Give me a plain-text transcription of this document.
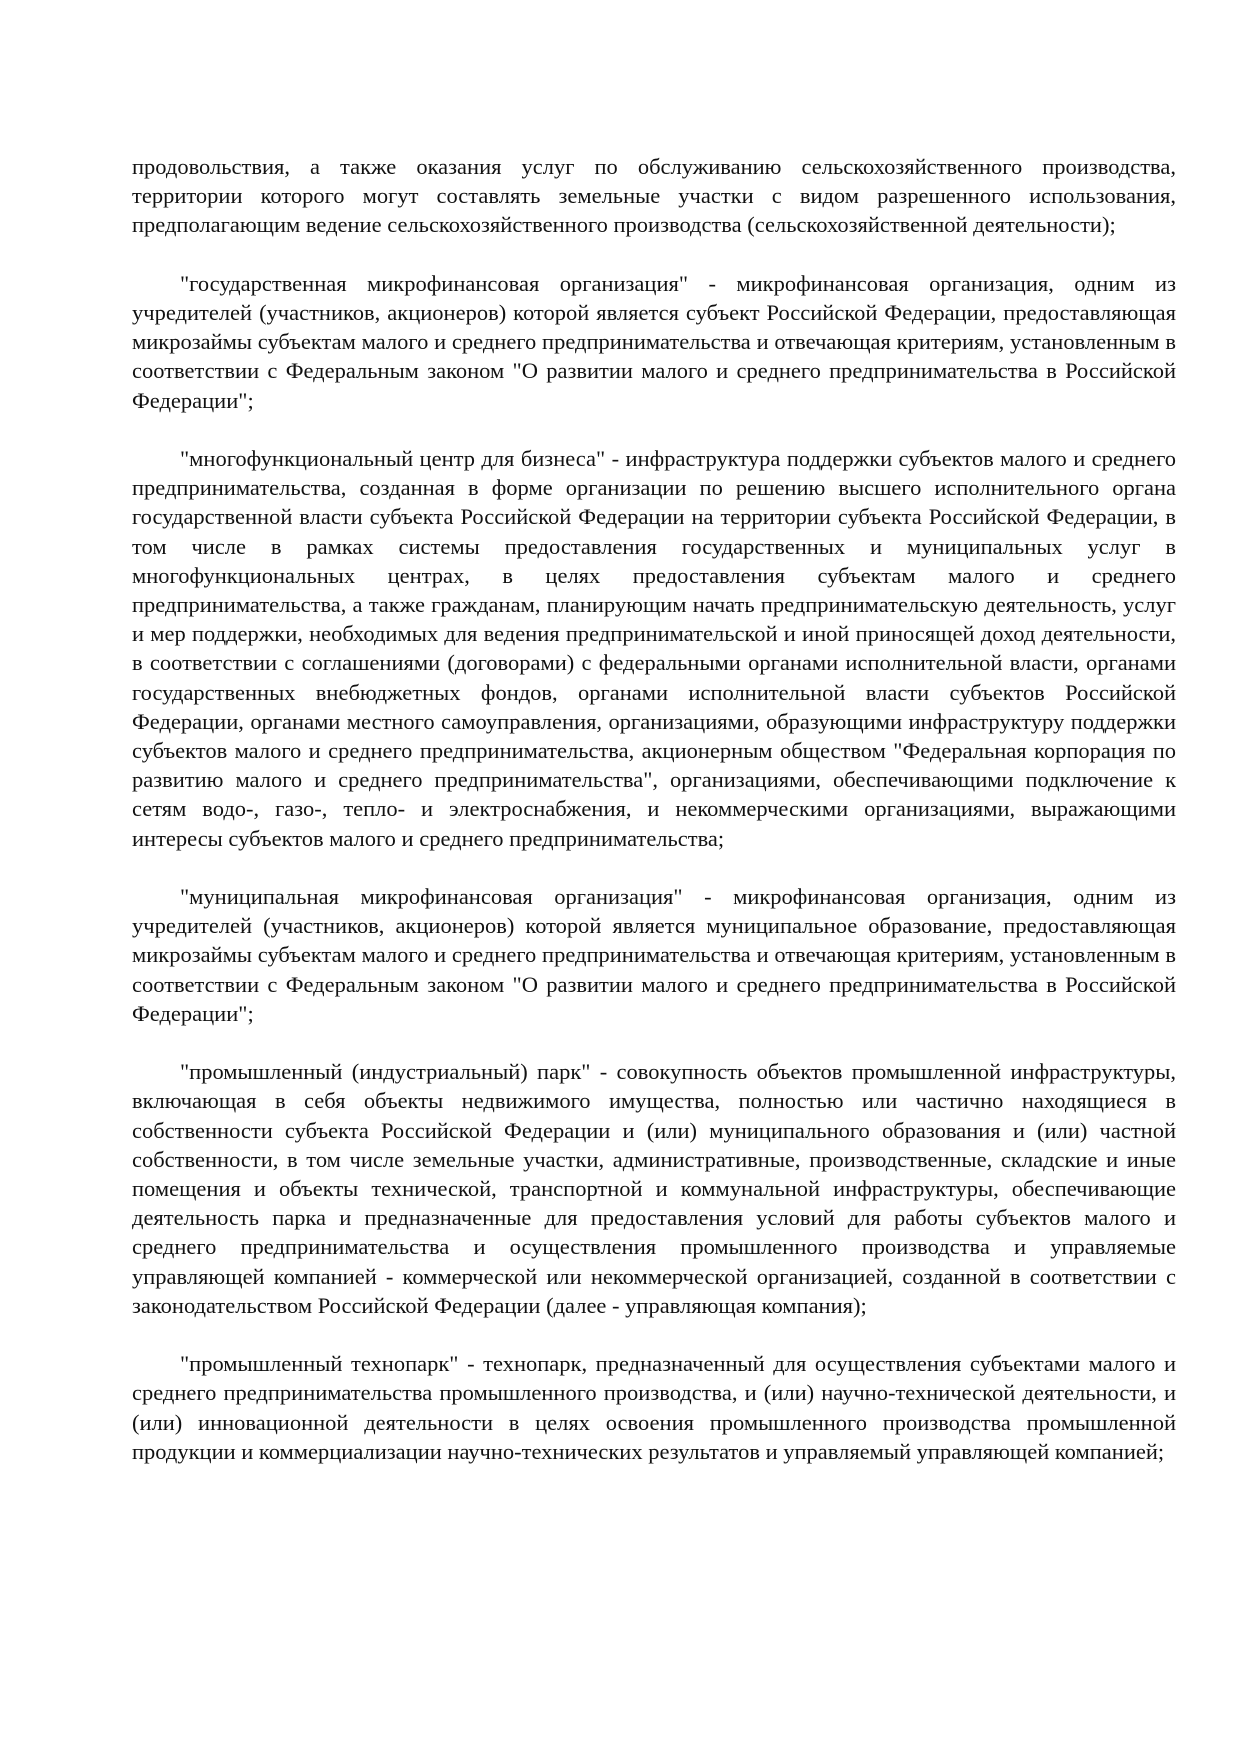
продовольствия, а также оказания услуг по обслуживанию сельскохозяйственного производства, территории которого могут составлять земельные участки с видом разрешенного использования, предполагающим ведение сельскохозяйственного производства (сельскохозяйственной деятельности);

"государственная микрофинансовая организация" - микрофинансовая организация, одним из учредителей (участников, акционеров) которой является субъект Российской Федерации, предоставляющая микрозаймы субъектам малого и среднего предпринимательства и отвечающая критериям, установленным в соответствии с Федеральным законом "О развитии малого и среднего предпринимательства в Российской Федерации";

"многофункциональный центр для бизнеса" - инфраструктура поддержки субъектов малого и среднего предпринимательства, созданная в форме организации по решению высшего исполнительного органа государственной власти субъекта Российской Федерации на территории субъекта Российской Федерации, в том числе в рамках системы предоставления государственных и муниципальных услуг в многофункциональных центрах, в целях предоставления субъектам малого и среднего предпринимательства, а также гражданам, планирующим начать предпринимательскую деятельность, услуг и мер поддержки, необходимых для ведения предпринимательской и иной приносящей доход деятельности, в соответствии с соглашениями (договорами) с федеральными органами исполнительной власти, органами государственных внебюджетных фондов, органами исполнительной власти субъектов Российской Федерации, органами местного самоуправления, организациями, образующими инфраструктуру поддержки субъектов малого и среднего предпринимательства, акционерным обществом "Федеральная корпорация по развитию малого и среднего предпринимательства", организациями, обеспечивающими подключение к сетям водо-, газо-, тепло- и электроснабжения, и некоммерческими организациями, выражающими интересы субъектов малого и среднего предпринимательства;

"муниципальная микрофинансовая организация" - микрофинансовая организация, одним из учредителей (участников, акционеров) которой является муниципальное образование, предоставляющая микрозаймы субъектам малого и среднего предпринимательства и отвечающая критериям, установленным в соответствии с Федеральным законом "О развитии малого и среднего предпринимательства в Российской Федерации";

"промышленный (индустриальный) парк" - совокупность объектов промышленной инфраструктуры, включающая в себя объекты недвижимого имущества, полностью или частично находящиеся в собственности субъекта Российской Федерации и (или) муниципального образования и (или) частной собственности, в том числе земельные участки, административные, производственные, складские и иные помещения и объекты технической, транспортной и коммунальной инфраструктуры, обеспечивающие деятельность парка и предназначенные для предоставления условий для работы субъектов малого и среднего предпринимательства и осуществления промышленного производства и управляемые управляющей компанией - коммерческой или некоммерческой организацией, созданной в соответствии с законодательством Российской Федерации (далее - управляющая компания);

"промышленный технопарк" - технопарк, предназначенный для осуществления субъектами малого и среднего предпринимательства промышленного производства, и (или) научно-технической деятельности, и (или) инновационной деятельности в целях освоения промышленного производства промышленной продукции и коммерциализации научно-технических результатов и управляемый управляющей компанией;
